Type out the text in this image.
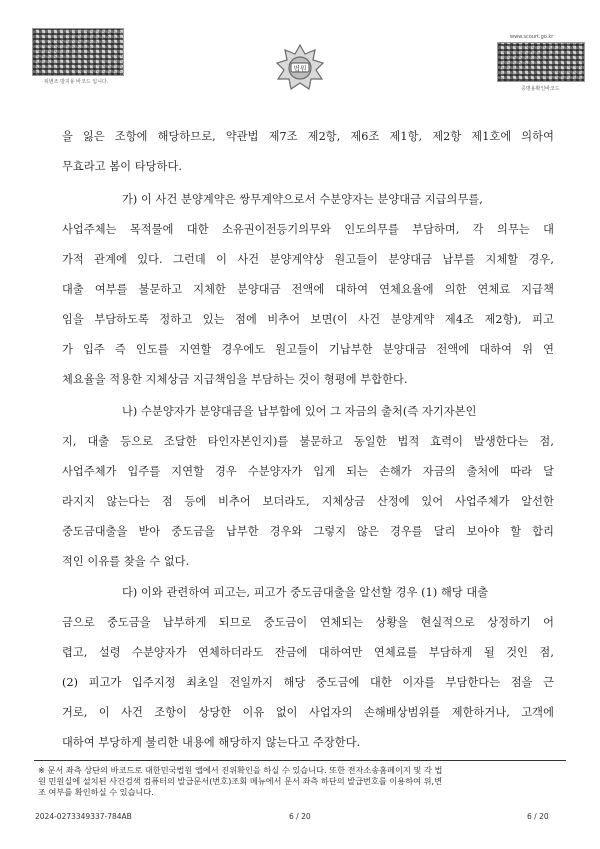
위변조 방지용 바코드 입니다.
법원
www.scourt.go.kr
증명용확인바코드
을 잃은 조항에 해당하므로, 약관법 제7조 제2항, 제6조 제1항, 제2항 제1호에 의하여
무효라고 봄이 타당하다.
가) 이 사건 분양계약은 쌍무계약으로서 수분양자는 분양대금 지급의무를,
사업주체는 목적물에 대한 소유권이전등기의무와 인도의무를 부담하며, 각 의무는 대
가적 관계에 있다. 그런데 이 사건 분양계약상 원고들이 분양대금 납부를 지체할 경우,
대출 여부를 불문하고 지체한 분양대금 전액에 대하여 연체요율에 의한 연체료 지급책
임을 부담하도록 정하고 있는 점에 비추어 보면(이 사건 분양계약 제4조 제2항), 피고
가 입주 즉 인도를 지연할 경우에도 원고들이 기납부한 분양대금 전액에 대하여 위 연
체요율을 적용한 지체상금 지급책임을 부담하는 것이 형평에 부합한다.
나) 수분양자가 분양대금을 납부함에 있어 그 자금의 출처(즉 자기자본인
지, 대출 등으로 조달한 타인자본인지)를 불문하고 동일한 법적 효력이 발생한다는 점,
사업주체가 입주를 지연할 경우 수분양자가 입게 되는 손해가 자금의 출처에 따라 달
라지지 않는다는 점 등에 비추어 보더라도, 지체상금 산정에 있어 사업주체가 알선한
중도금대출을 받아 중도금을 납부한 경우와 그렇지 않은 경우를 달리 보아야 할 합리
적인 이유를 찾을 수 없다.
다) 이와 관련하여 피고는, 피고가 중도금대출을 알선할 경우 (1) 해당 대출
금으로 중도금을 납부하게 되므로 중도금이 연체되는 상황을 현실적으로 상정하기 어
렵고, 설령 수분양자가 연체하더라도 잔금에 대하여만 연체료를 부담하게 될 것인 점,
(2) 피고가 입주지정 최초일 전일까지 해당 중도금에 대한 이자를 부담한다는 점을 근
거로, 이 사건 조항이 상당한 이유 없이 사업자의 손해배상범위를 제한하거나, 고객에
대하여 부당하게 불리한 내용에 해당하지 않는다고 주장한다.
※ 문서 좌측 상단의 바코드로 대한민국법원 앱에서 진위확인을 하실 수 있습니다. 또한 전자소송홈페이지 및 각 법
원 민원실에 설치된 사건검색 컴퓨터의 발급문서(번호)조회 메뉴에서 문서 좌측 하단의 발급번호를 이용하여 위,변
조 여부를 확인하실 수 있습니다.
2024-0273349337-784AB	6 / 20	6 / 20
